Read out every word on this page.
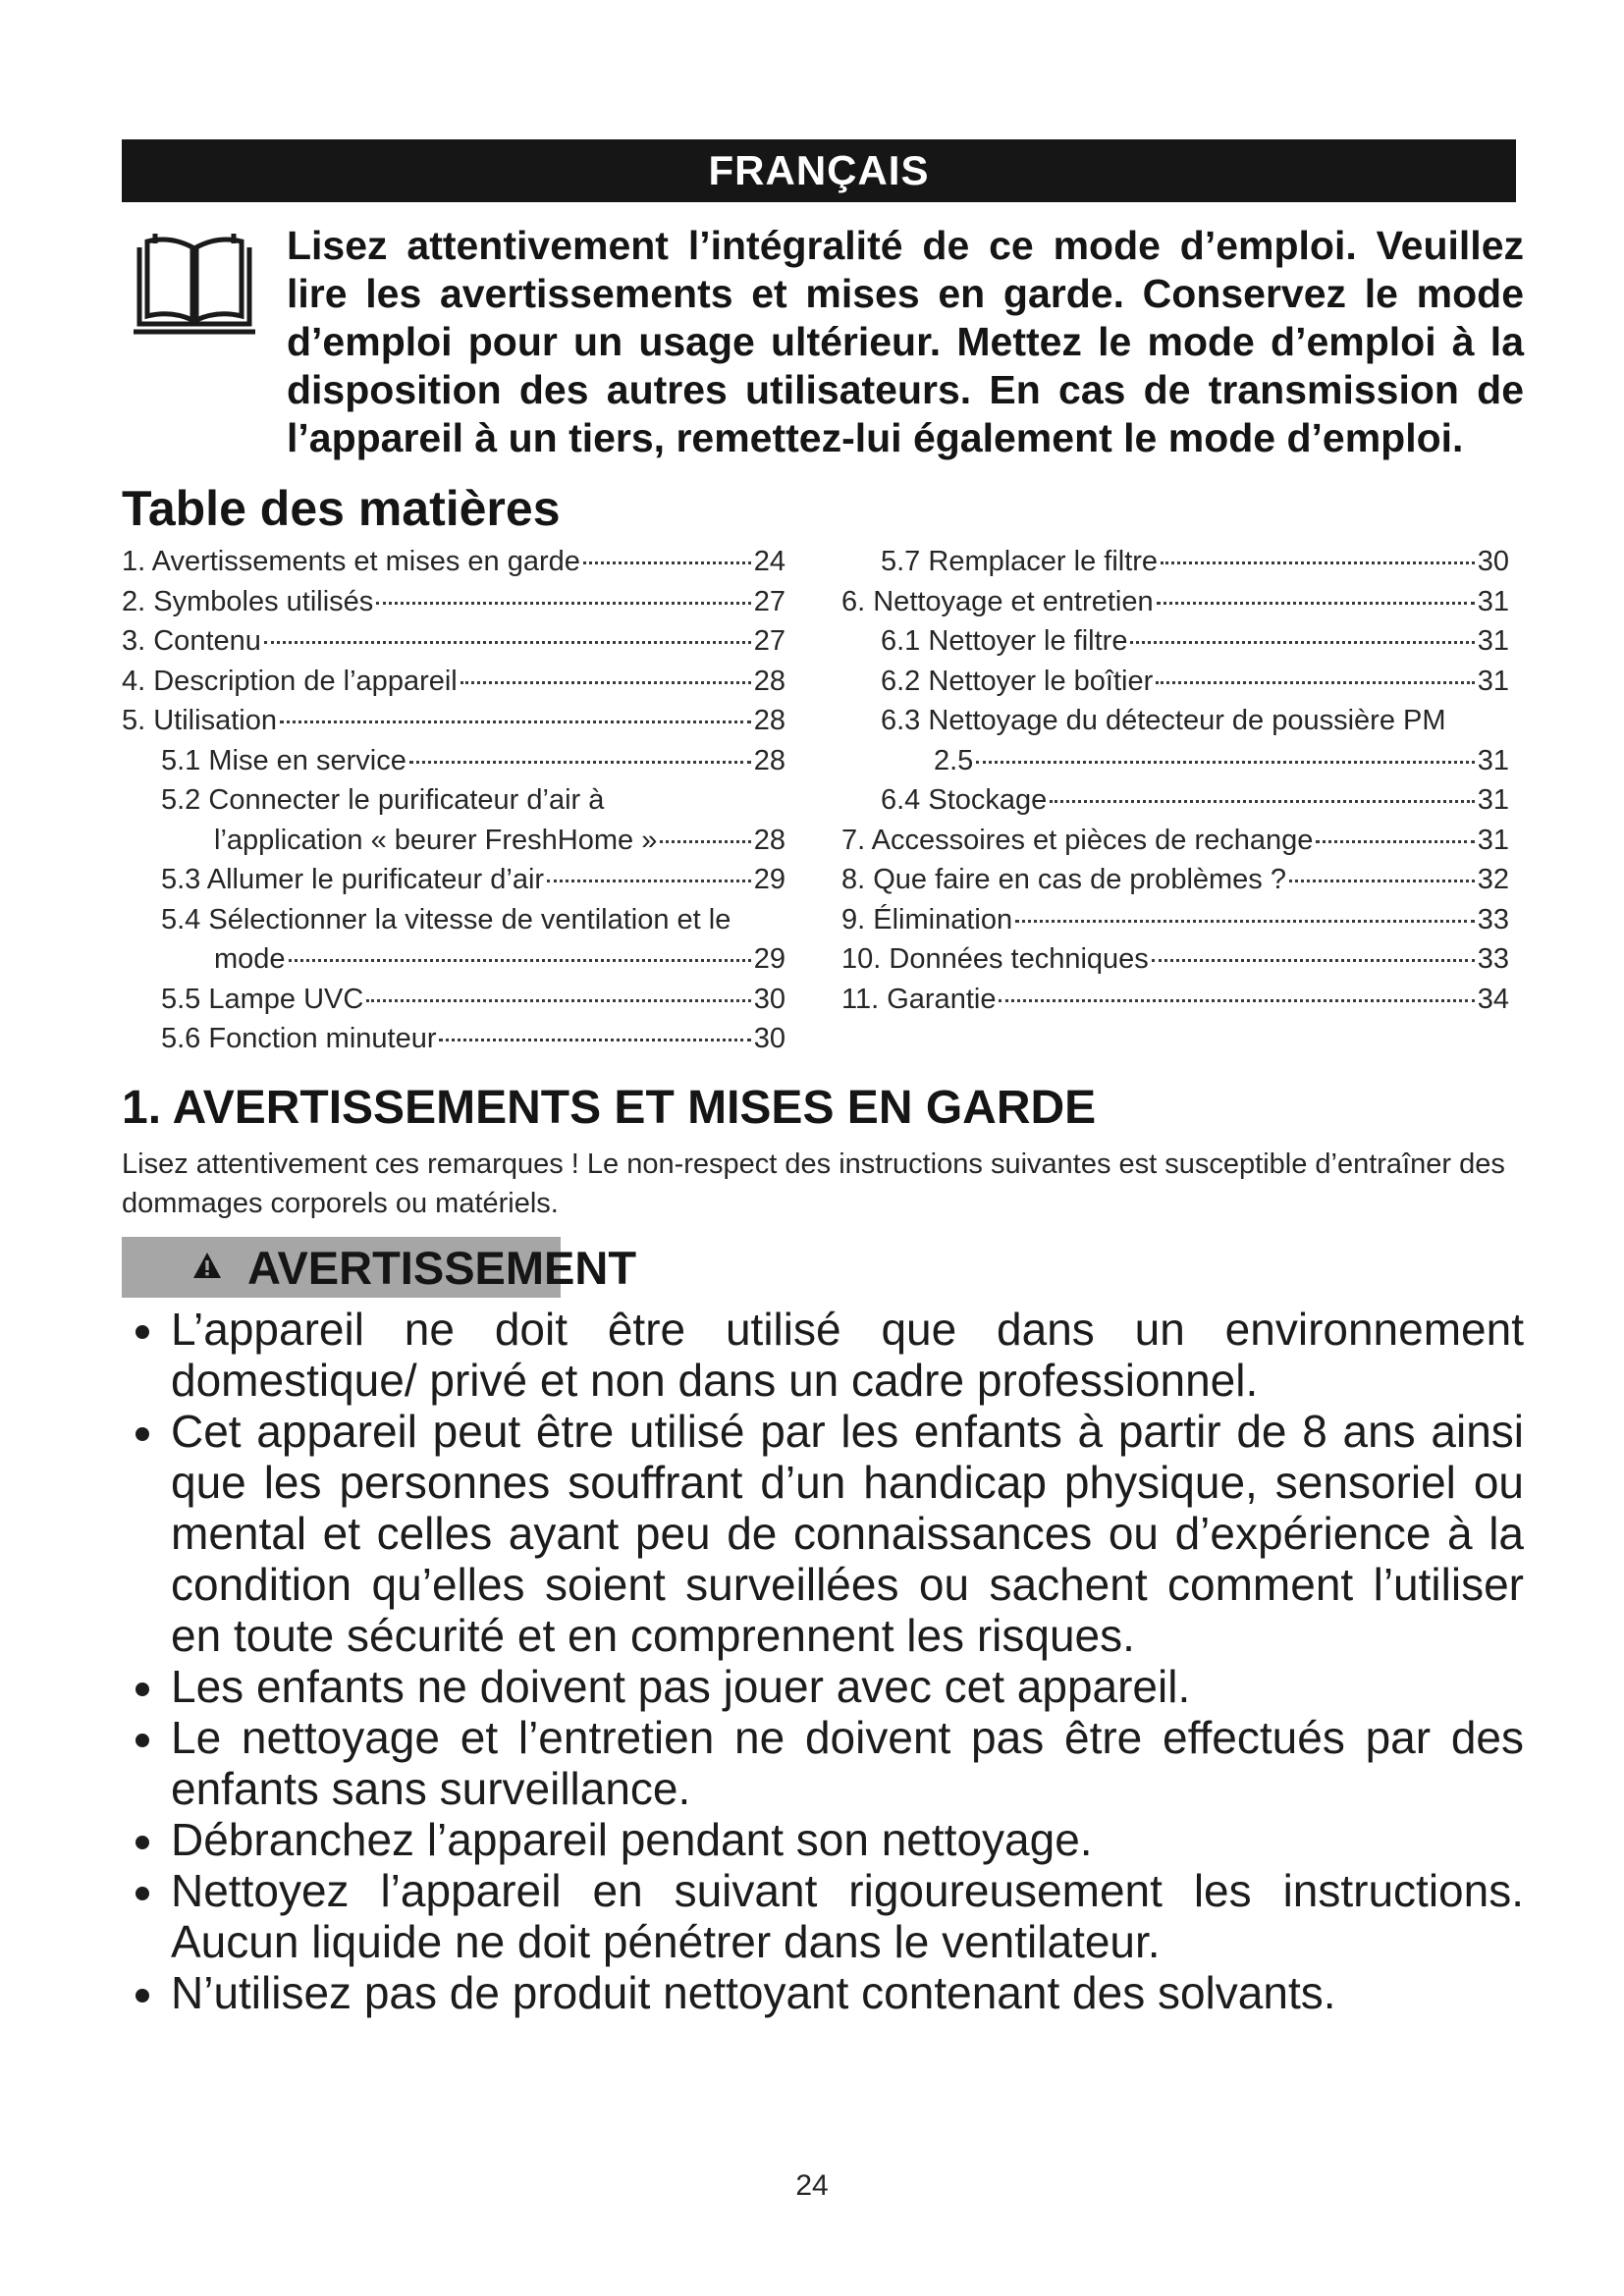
FRANÇAIS

Lisez attentivement l’intégralité de ce mode d’emploi. Veuillez lire les avertissements et mises en garde. Conservez le mode d’emploi pour un usage ultérieur. Mettez le mode d’emploi à la disposition des autres utilisateurs. En cas de transmission de l’appareil à un tiers, remettez-lui également le mode d’emploi.

Table des matières
1. Avertissements et mises en garde	24
2. Symboles utilisés	27
3. Contenu	27
4. Description de l’appareil	28
5. Utilisation	28
5.1 Mise en service	28
5.2 Connecter le purificateur d’air à
l’application « beurer FreshHome »	28
5.3 Allumer le purificateur d’air	29
5.4 Sélectionner la vitesse de ventilation et le
mode	29
5.5 Lampe UVC	30
5.6 Fonction minuteur	30
5.7 Remplacer le filtre	30
6. Nettoyage et entretien	31
6.1 Nettoyer le filtre	31
6.2 Nettoyer le boîtier	31
6.3 Nettoyage du détecteur de poussière PM
2.5	31
6.4 Stockage	31
7. Accessoires et pièces de rechange	31
8. Que faire en cas de problèmes ?	32
9. Élimination	33
10. Données techniques	33
11. Garantie	34
1. AVERTISSEMENTS ET MISES EN GARDE

Lisez attentivement ces remarques ! Le non-respect des instructions suivantes est susceptible d’entraîner des dommages corporels ou matériels.

AVERTISSEMENT
L’appareil ne doit être utilisé que dans un environnement domestique/ privé et non dans un cadre professionnel.
Cet appareil peut être utilisé par les enfants à partir de 8 ans ainsi que les personnes souffrant d’un handicap physique, sensoriel ou mental et celles ayant peu de connaissances ou d’expérience à la condition qu’elles soient surveillées ou sachent comment l’utiliser en toute sécurité et en comprennent les risques.
Les enfants ne doivent pas jouer avec cet appareil.
Le nettoyage et l’entretien ne doivent pas être effectués par des enfants sans surveillance.
Débranchez l’appareil pendant son nettoyage.
Nettoyez l’appareil en suivant rigoureusement les instructions. Aucun liquide ne doit pénétrer dans le ventilateur.
N’utilisez pas de produit nettoyant contenant des solvants.
24
